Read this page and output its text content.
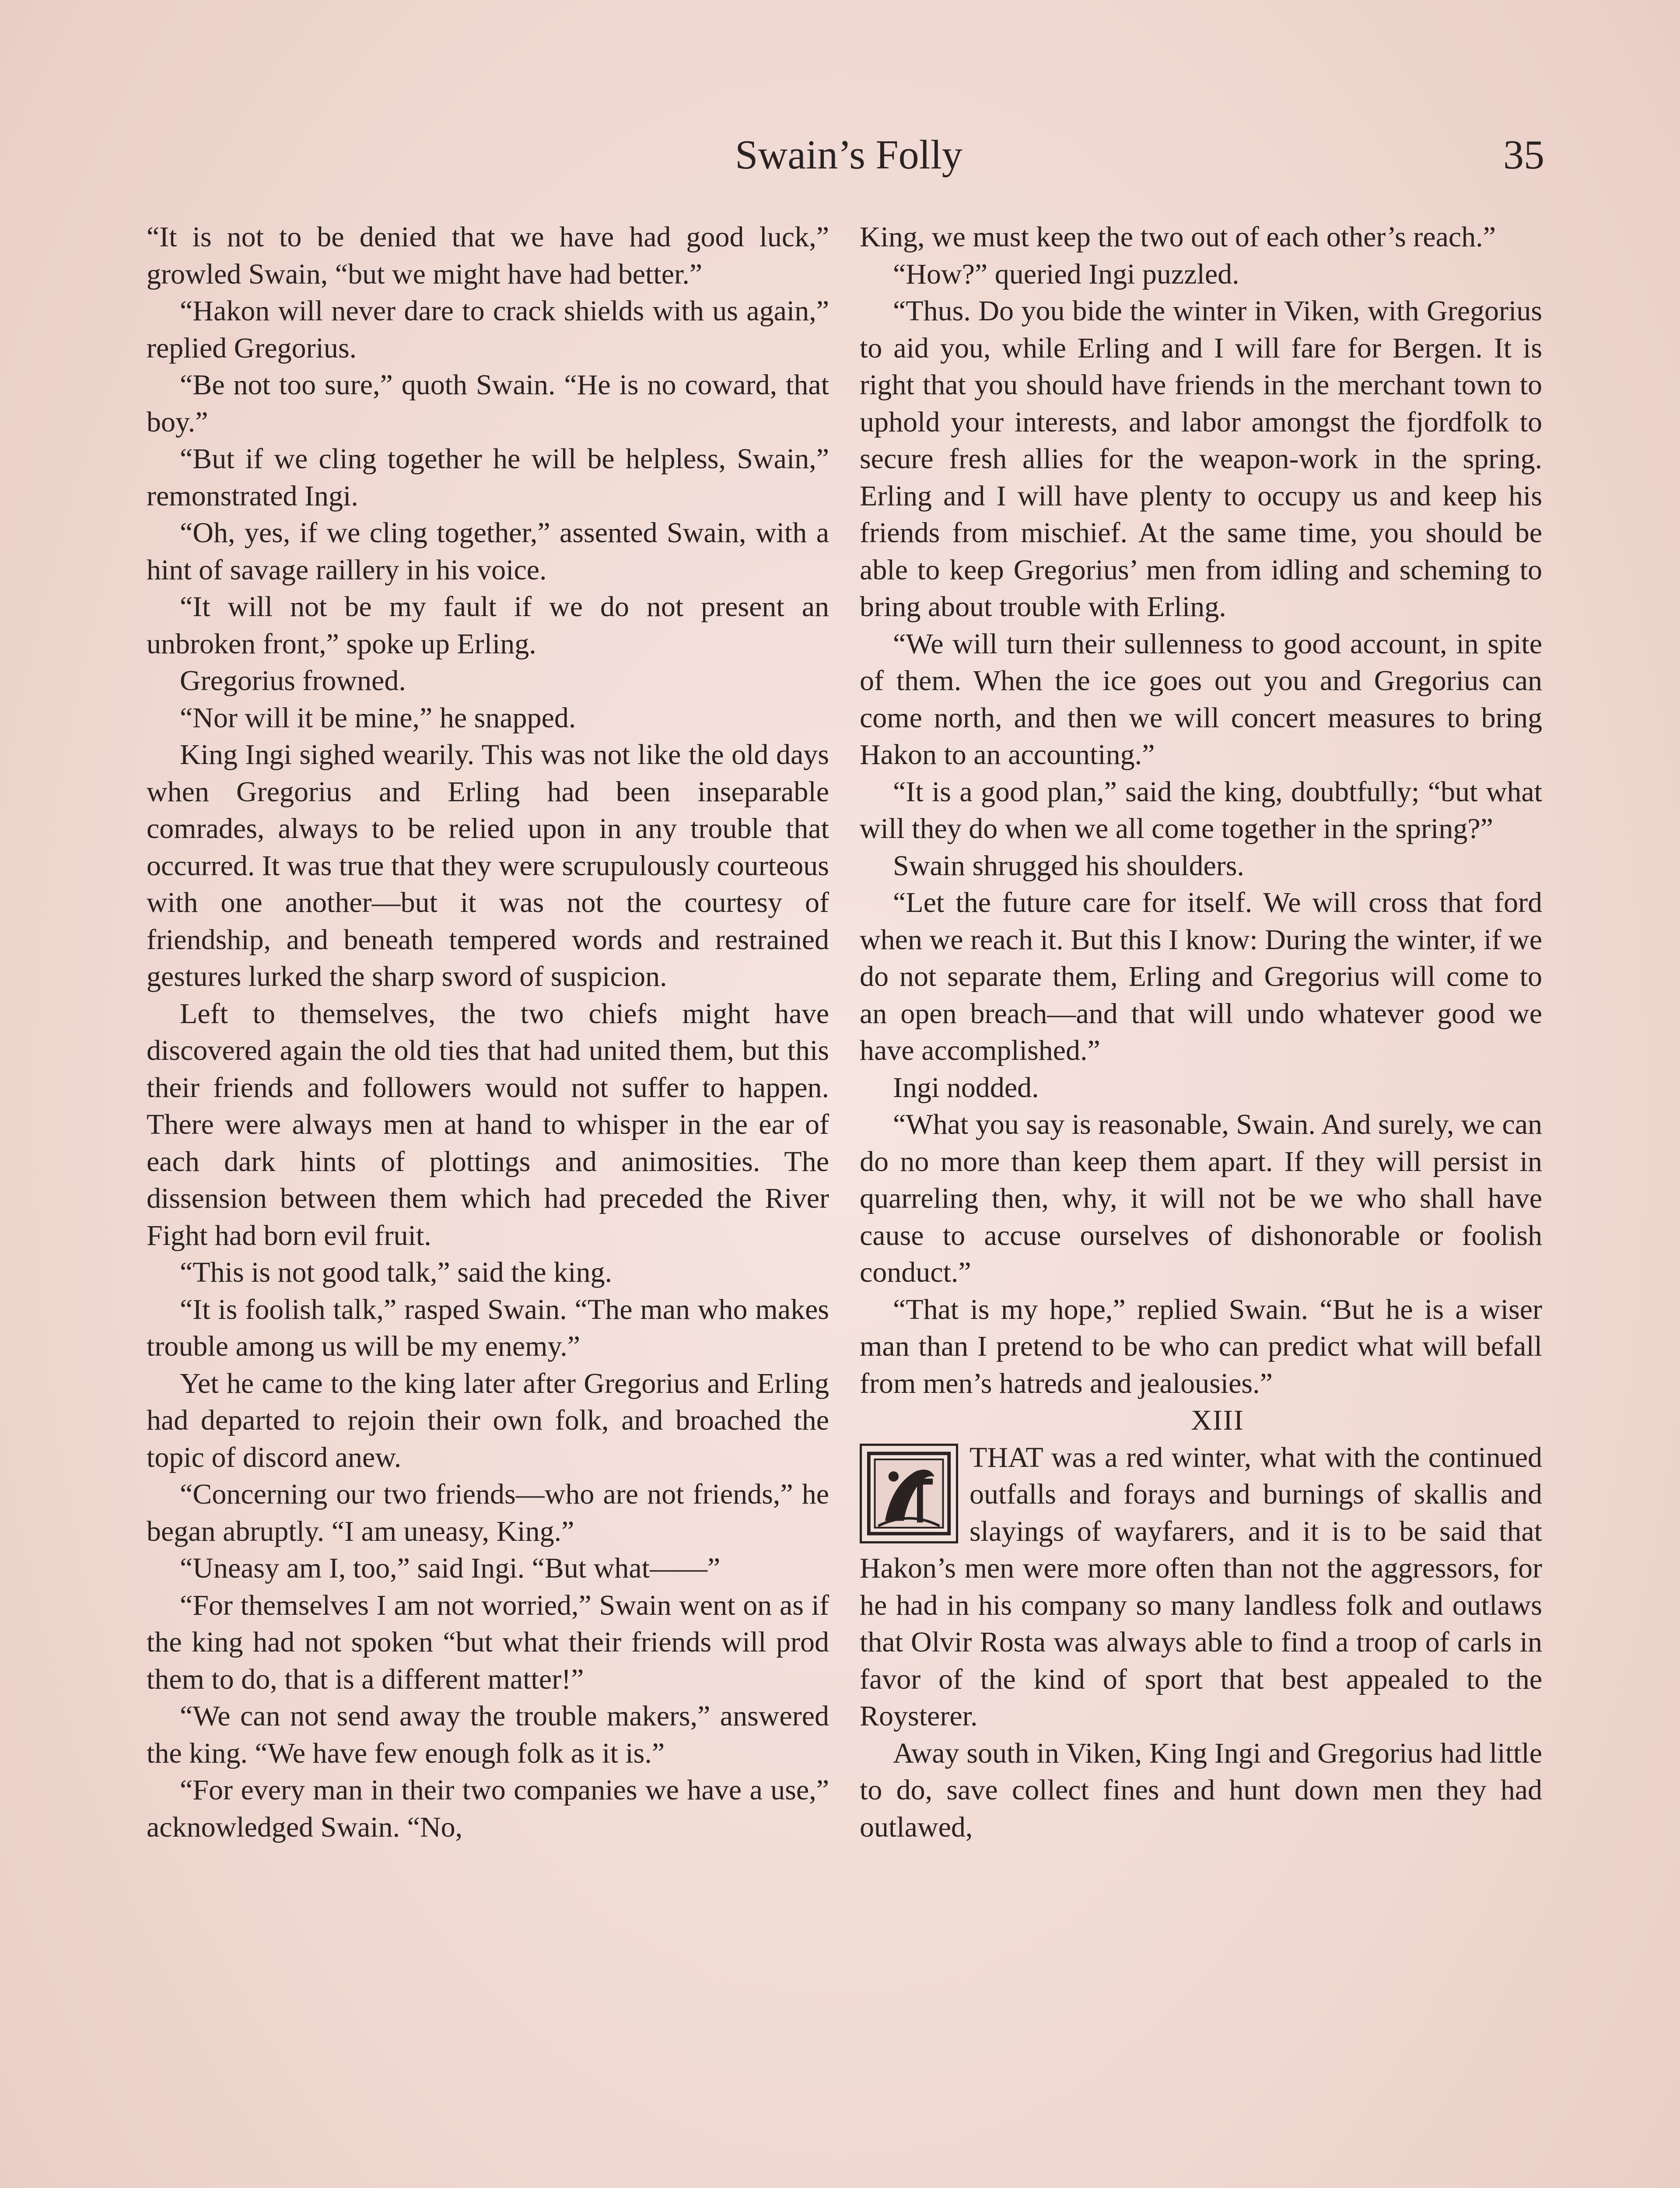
Swain’s Folly	35

“It is not to be denied that we have had good luck,” growled Swain, “but we might have had better.”

“Hakon will never dare to crack shields with us again,” replied Gregorius.

“Be not too sure,” quoth Swain. “He is no coward, that boy.”

“But if we cling together he will be helpless, Swain,” remonstrated Ingi.

“Oh, yes, if we cling together,” assented Swain, with a hint of savage raillery in his voice.

“It will not be my fault if we do not present an unbroken front,” spoke up Erling.

Gregorius frowned.

“Nor will it be mine,” he snapped.

King Ingi sighed wearily. This was not like the old days when Gregorius and Erling had been inseparable comrades, always to be relied upon in any trouble that occurred. It was true that they were scrupulously courteous with one another—but it was not the courtesy of friendship, and beneath tempered words and restrained gestures lurked the sharp sword of suspicion.

Left to themselves, the two chiefs might have discovered again the old ties that had united them, but this their friends and followers would not suffer to happen. There were always men at hand to whisper in the ear of each dark hints of plottings and animosities. The dissension between them which had preceded the River Fight had born evil fruit.

“This is not good talk,” said the king.

“It is foolish talk,” rasped Swain. “The man who makes trouble among us will be my enemy.”

Yet he came to the king later after Gregorius and Erling had departed to rejoin their own folk, and broached the topic of discord anew.

“Concerning our two friends—who are not friends,” he began abruptly. “I am uneasy, King.”

“Uneasy am I, too,” said Ingi. “But what——”

“For themselves I am not worried,” Swain went on as if the king had not spoken “but what their friends will prod them to do, that is a different matter!”

“We can not send away the trouble makers,” answered the king. “We have few enough folk as it is.”

“For every man in their two companies we have a use,” acknowledged Swain. “No,

King, we must keep the two out of each other’s reach.”

“How?” queried Ingi puzzled.

“Thus. Do you bide the winter in Viken, with Gregorius to aid you, while Erling and I will fare for Bergen. It is right that you should have friends in the merchant town to uphold your interests, and labor amongst the fjordfolk to secure fresh allies for the weapon-work in the spring. Erling and I will have plenty to occupy us and keep his friends from mischief. At the same time, you should be able to keep Gregorius’ men from idling and scheming to bring about trouble with Erling.

“We will turn their sullenness to good account, in spite of them. When the ice goes out you and Gregorius can come north, and then we will concert measures to bring Hakon to an accounting.”

“It is a good plan,” said the king, doubtfully; “but what will they do when we all come together in the spring?”

Swain shrugged his shoulders.

“Let the future care for itself. We will cross that ford when we reach it. But this I know: During the winter, if we do not separate them, Erling and Gregorius will come to an open breach—and that will undo whatever good we have accomplished.”

Ingi nodded.

“What you say is reasonable, Swain. And surely, we can do no more than keep them apart. If they will persist in quarreling then, why, it will not be we who shall have cause to accuse ourselves of dishonorable or foolish conduct.”

“That is my hope,” replied Swain. “But he is a wiser man than I pretend to be who can predict what will befall from men’s hatreds and jealousies.”

XIII

THAT was a red winter, what with the continued outfalls and forays and burnings of skallis and slayings of wayfarers, and it is to be said that Hakon’s men were more often than not the aggressors, for he had in his company so many landless folk and outlaws that Olvir Rosta was always able to find a troop of carls in favor of the kind of sport that best appealed to the Roysterer.

Away south in Viken, King Ingi and Gregorius had little to do, save collect fines and hunt down men they had outlawed,
